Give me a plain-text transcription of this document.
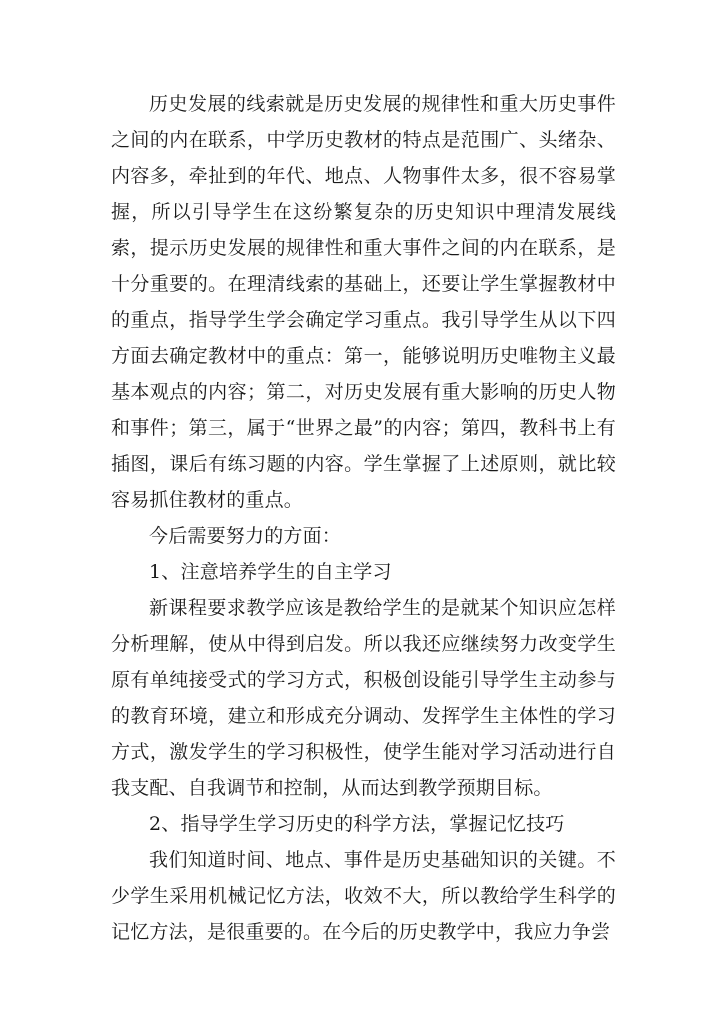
历史发展的线索就是历史发展的规律性和重大历史事件之间的内在联系，中学历史教材的特点是范围广、头绪杂、内容多，牵扯到的年代、地点、人物事件太多，很不容易掌握，所以引导学生在这纷繁复杂的历史知识中理清发展线索，提示历史发展的规律性和重大事件之间的内在联系，是十分重要的。在理清线索的基础上，还要让学生掌握教材中的重点，指导学生学会确定学习重点。我引导学生从以下四方面去确定教材中的重点：第一，能够说明历史唯物主义最基本观点的内容；第二，对历史发展有重大影响的历史人物和事件；第三，属于“世界之最”的内容；第四，教科书上有插图，课后有练习题的内容。学生掌握了上述原则，就比较容易抓住教材的重点。

今后需要努力的方面：

1、注意培养学生的自主学习

新课程要求教学应该是教给学生的是就某个知识应怎样分析理解，使从中得到启发。所以我还应继续努力改变学生原有单纯接受式的学习方式，积极创设能引导学生主动参与的教育环境，建立和形成充分调动、发挥学生主体性的学习方式，激发学生的学习积极性，使学生能对学习活动进行自我支配、自我调节和控制，从而达到教学预期目标。

2、指导学生学习历史的科学方法，掌握记忆技巧

我们知道时间、地点、事件是历史基础知识的关键。不少学生采用机械记忆方法，收效不大，所以教给学生科学的记忆方法，是很重要的。在今后的历史教学中，我应力争尝
